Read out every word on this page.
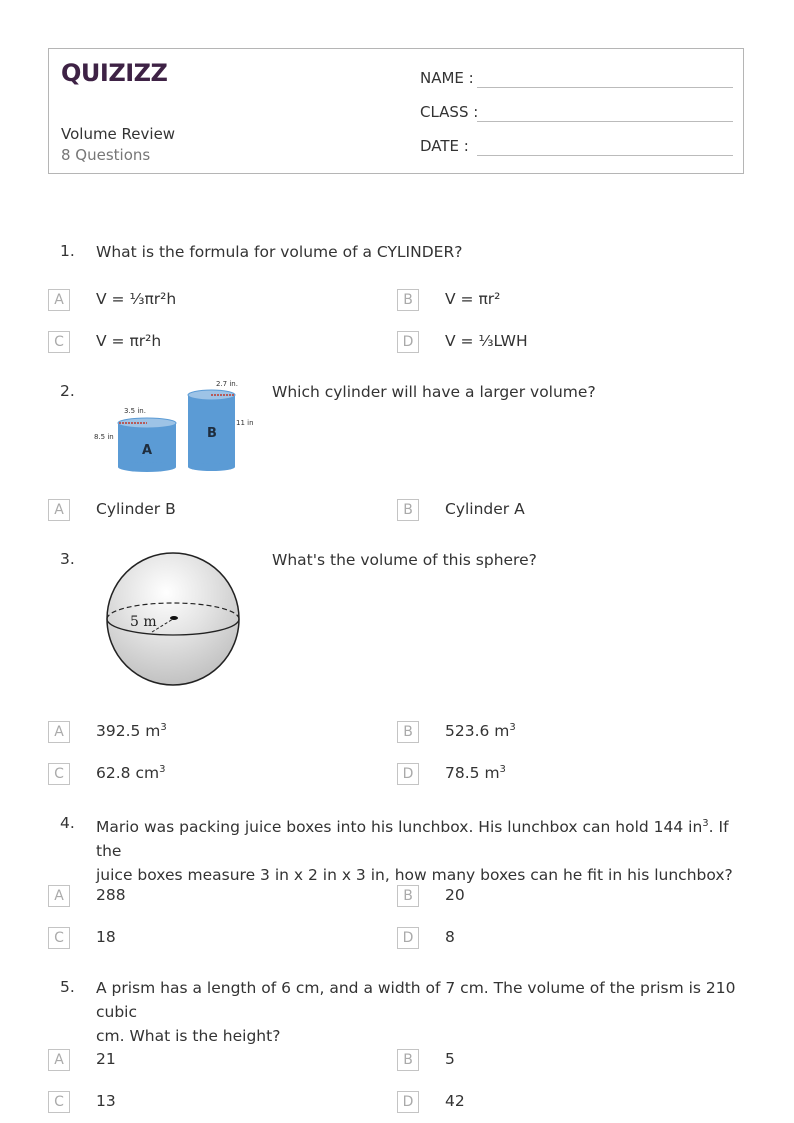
QUIZIZZ
Volume Review
8 Questions
NAME :
CLASS :
DATE :
1. What is the formula for volume of a CYLINDER?
A	V = ⅓πr²h	B	V = πr²
C	V = πr²h	D	V = ⅓LWH
2.
A
B
3.5 in.
8.5 in
2.7 in.
11 in
Which cylinder will have a larger volume?
A	Cylinder B	B	Cylinder A
3.
5 m
What's the volume of this sphere?
A	392.5 $m^3$	B	523.6 $m^3$
C	62.8 $cm^3$	D	78.5 $m^3$
4. Mario was packing juice boxes into his lunchbox. His lunchbox can hold 144 $in^3$. If the
juice boxes measure 3 in x 2 in x 3 in, how many boxes can he fit in his lunchbox?
A	288	B	20
C	18	D	8
5. A prism has a length of 6 cm, and a width of 7 cm. The volume of the prism is 210 cubic
cm. What is the height?
A	21	B	5
C	13	D	42
